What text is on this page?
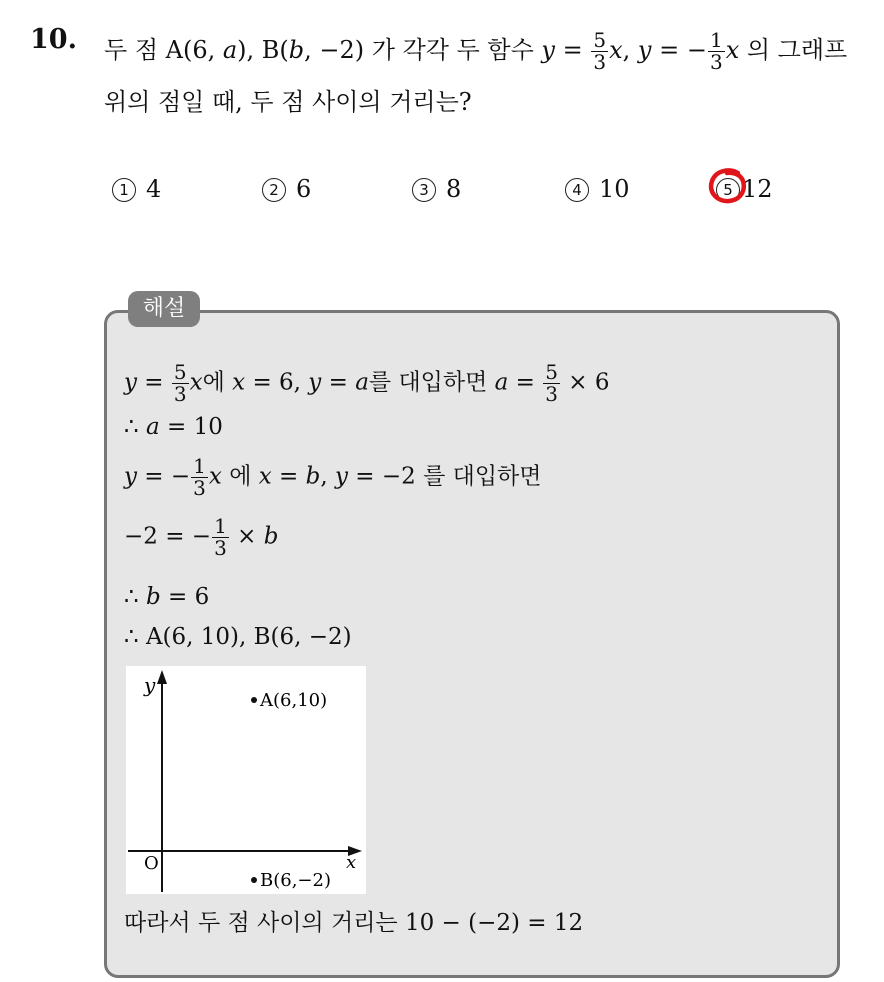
10. 두 점 A(6, a), B(b, −2) 가 각각 두 함수 $y = \frac{5}{3} x$, y = − $\frac{1}{3}$ x 의 그래프
위의 점일 때, 두 점 사이의 거리는?
1 4	2 6	3 8	4 10	5 12
해설
$y = \frac{5}{3}$ x에 x = 6, y = a를 대입하면 $a = \frac{5}{3} \times 6$
∴ a = 10
y = − $\frac{1}{3}$ x 에 x = b, y = −2 를 대입하면
−2 = − $\frac{1}{3} \times b$
∴ b = 6
∴ A(6, 10), B(6, −2)
y
x
O
A(6,10)
B(6,−2)
따라서 두 점 사이의 거리는 10 − (−2) = 12
